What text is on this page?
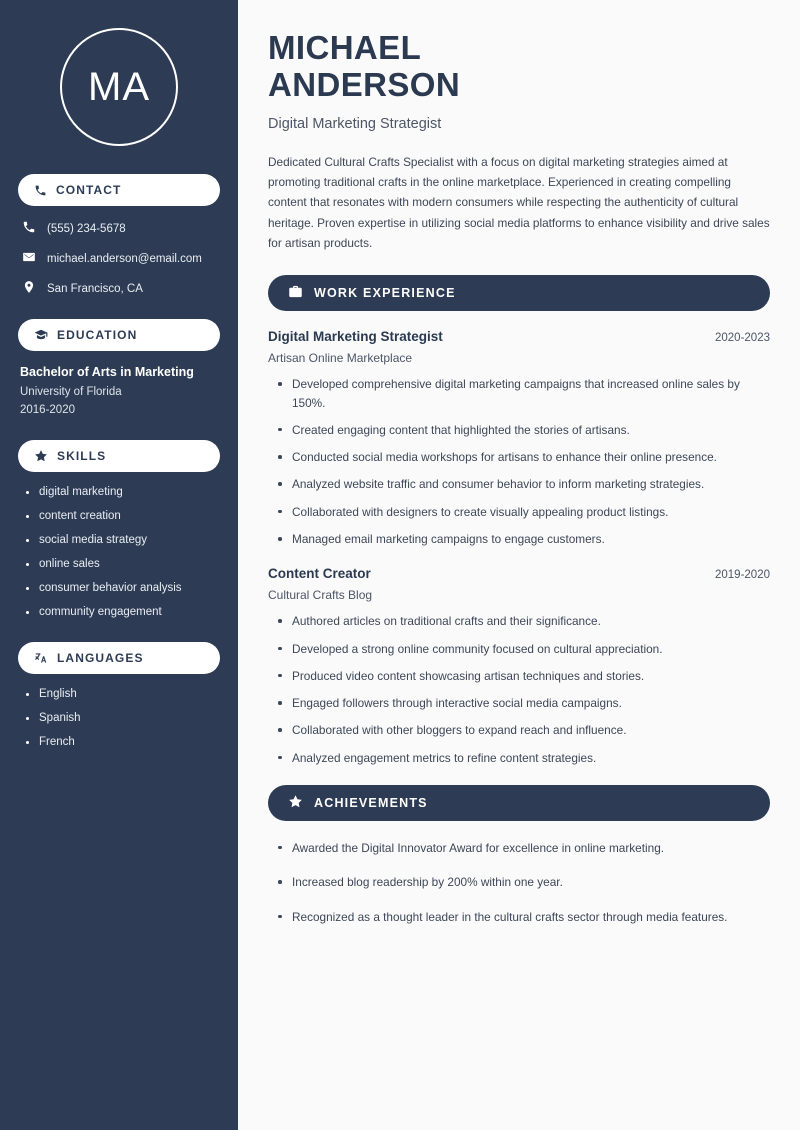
MA
CONTACT
(555) 234-5678
michael.anderson@email.com
San Francisco, CA
EDUCATION
Bachelor of Arts in Marketing
University of Florida
2016-2020
SKILLS
digital marketing
content creation
social media strategy
online sales
consumer behavior analysis
community engagement
LANGUAGES
English
Spanish
French
MICHAEL
ANDERSON
Digital Marketing Strategist

Dedicated Cultural Crafts Specialist with a focus on digital marketing strategies aimed at promoting traditional crafts in the online marketplace. Experienced in creating compelling content that resonates with modern consumers while respecting the authenticity of cultural heritage. Proven expertise in utilizing social media platforms to enhance visibility and drive sales for artisan products.

WORK EXPERIENCE
Digital Marketing Strategist	2020-2023
Artisan Online Marketplace
Developed comprehensive digital marketing campaigns that increased online sales by 150%.
Created engaging content that highlighted the stories of artisans.
Conducted social media workshops for artisans to enhance their online presence.
Analyzed website traffic and consumer behavior to inform marketing strategies.
Collaborated with designers to create visually appealing product listings.
Managed email marketing campaigns to engage customers.
Content Creator	2019-2020
Cultural Crafts Blog
Authored articles on traditional crafts and their significance.
Developed a strong online community focused on cultural appreciation.
Produced video content showcasing artisan techniques and stories.
Engaged followers through interactive social media campaigns.
Collaborated with other bloggers to expand reach and influence.
Analyzed engagement metrics to refine content strategies.
ACHIEVEMENTS
Awarded the Digital Innovator Award for excellence in online marketing.
Increased blog readership by 200% within one year.
Recognized as a thought leader in the cultural crafts sector through media features.
